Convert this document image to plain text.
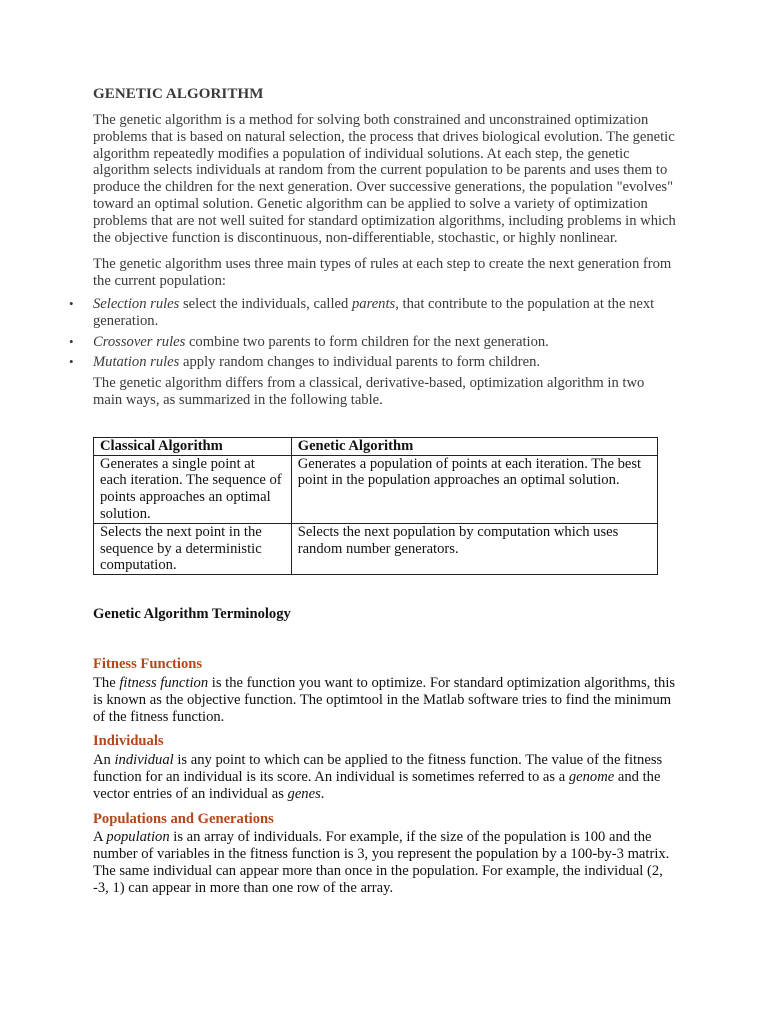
GENETIC ALGORITHM

The genetic algorithm is a method for solving both constrained and unconstrained optimization problems that is based on natural selection, the process that drives biological evolution. The genetic algorithm repeatedly modifies a population of individual solutions. At each step, the genetic algorithm selects individuals at random from the current population to be parents and uses them to produce the children for the next generation. Over successive generations, the population "evolves" toward an optimal solution. Genetic algorithm can be applied to solve a variety of optimization problems that are not well suited for standard optimization algorithms, including problems in which the objective function is discontinuous, non-differentiable, stochastic, or highly nonlinear.

The genetic algorithm uses three main types of rules at each step to create the next generation from the current population:

• Selection rules select the individuals, called parents, that contribute to the population at the next generation.
• Crossover rules combine two parents to form children for the next generation.
• Mutation rules apply random changes to individual parents to form children.

The genetic algorithm differs from a classical, derivative-based, optimization algorithm in two main ways, as summarized in the following table.

Classical Algorithm	Genetic Algorithm
Generates a single point at each iteration. The sequence of points approaches an optimal solution.	Generates a population of points at each iteration. The best point in the population approaches an optimal solution.
Selects the next point in the sequence by a deterministic computation.	Selects the next population by computation which uses random number generators.
Genetic Algorithm Terminology
Fitness Functions

The fitness function is the function you want to optimize. For standard optimization algorithms, this is known as the objective function. The optimtool in the Matlab software tries to find the minimum of the fitness function.

Individuals

An individual is any point to which can be applied to the fitness function. The value of the fitness function for an individual is its score. An individual is sometimes referred to as a genome and the vector entries of an individual as genes.

Populations and Generations

A population is an array of individuals. For example, if the size of the population is 100 and the number of variables in the fitness function is 3, you represent the population by a 100-by-3 matrix. The same individual can appear more than once in the population. For example, the individual (2, -3, 1) can appear in more than one row of the array.
